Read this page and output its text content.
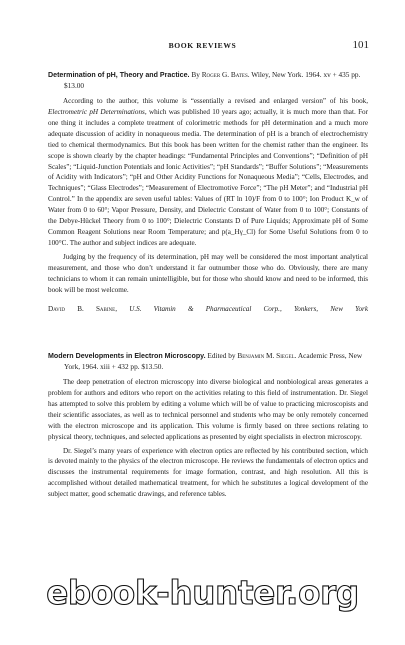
BOOK REVIEWS	101

Determination of pH, Theory and Practice. By Roger G. Bates. Wiley, New York. 1964. xv + 435 pp. $13.00

According to the author, this volume is “essentially a revised and enlarged version” of his book, Electrometric pH Determinations, which was published 10 years ago; actually, it is much more than that. For one thing it includes a complete treatment of colorimetric methods for pH determination and a much more adequate discussion of acidity in nonaqueous media. The determination of pH is a branch of electrochemistry tied to chemical thermodynamics. But this book has been written for the chemist rather than the engineer. Its scope is shown clearly by the chapter headings: “Fundamental Principles and Conventions”; “Definition of pH Scales”; “Liquid-Junction Potentials and Ionic Activities”; “pH Standards”; “Buffer Solutions”; “Measurements of Acidity with Indicators”; “pH and Other Acidity Functions for Nonaqueous Media”; “Cells, Electrodes, and Techniques”; “Glass Electrodes”; “Measurement of Electromotive Force”; “The pH Meter”; and “Industrial pH Control.” In the appendix are seven useful tables: Values of (RT ln 10)/F from 0 to 100°; Ion Product K_w of Water from 0 to 60°; Vapor Pressure, Density, and Dielectric Constant of Water from 0 to 100°; Constants of the Debye-Hückel Theory from 0 to 100°; Dielectric Constants D of Pure Liquids; Approximate pH of Some Common Reagent Solutions near Room Temperature; and p(a_Hγ_Cl) for Some Useful Solutions from 0 to 100°C. The author and subject indices are adequate.

Judging by the frequency of its determination, pH may well be considered the most important analytical measurement, and those who don’t understand it far outnumber those who do. Obviously, there are many technicians to whom it can remain unintelligible, but for those who should know and need to be informed, this book will be most welcome.

David B. Sabine, U.S. Vitamin & Pharmaceutical Corp., Yonkers, New York

Modern Developments in Electron Microscopy. Edited by Benjamin M. Siegel. Academic Press, New York, 1964. xiii + 432 pp. $13.50.

The deep penetration of electron microscopy into diverse biological and nonbiological areas generates a problem for authors and editors who report on the activities relating to this field of instrumentation. Dr. Siegel has attempted to solve this problem by editing a volume which will be of value to practicing microscopists and their scientific associates, as well as to technical personnel and students who may be only remotely concerned with the electron microscope and its application. This volume is firmly based on three sections relating to physical theory, techniques, and selected applications as presented by eight specialists in electron microscopy.

Dr. Siegel’s many years of experience with electron optics are reflected by his contributed section, which is devoted mainly to the physics of the electron microscope. He reviews the fundamentals of electron optics and discusses the instrumental requirements for image formation, contrast, and high resolution. All this is accomplished without detailed mathematical treatment, for which he substitutes a logical development of the subject matter, good schematic drawings, and reference tables.

ebook-hunter.org
